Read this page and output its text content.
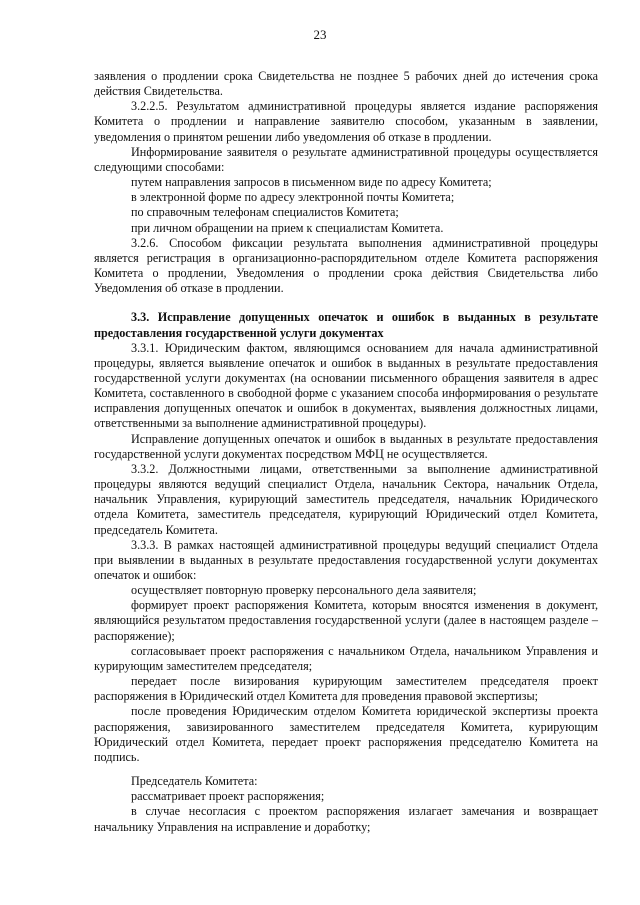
23

заявления о продлении срока Свидетельства не позднее 5 рабочих дней до истечения срока действия Свидетельства.

3.2.2.5. Результатом административной процедуры является издание распоряжения Комитета о продлении и направление заявителю способом, указанным в заявлении, уведомления о принятом решении либо уведомления об отказе в продлении.

Информирование заявителя о результате административной процедуры осуществляется следующими способами:

путем направления запросов в письменном виде по адресу Комитета;

в электронной форме по адресу электронной почты Комитета;

по справочным телефонам специалистов Комитета;

при личном обращении на прием к специалистам Комитета.

3.2.6. Способом фиксации результата выполнения административной процедуры является регистрация в организационно-распорядительном отделе Комитета распоряжения Комитета о продлении, Уведомления о продлении срока действия Свидетельства либо Уведомления об отказе в продлении.

3.3. Исправление допущенных опечаток и ошибок в выданных в результате предоставления государственной услуги документах

3.3.1. Юридическим фактом, являющимся основанием для начала административной процедуры, является выявление опечаток и ошибок в выданных в результате предоставления государственной услуги документах (на основании письменного обращения заявителя в адрес Комитета, составленного в свободной форме с указанием способа информирования о результате исправления допущенных опечаток и ошибок в документах, выявления должностных лицами, ответственными за выполнение административной процедуры).

Исправление допущенных опечаток и ошибок в выданных в результате предоставления государственной услуги документах посредством МФЦ не осуществляется.

3.3.2. Должностными лицами, ответственными за выполнение административной процедуры являются ведущий специалист Отдела, начальник Сектора, начальник Отдела, начальник Управления, курирующий заместитель председателя, начальник Юридического отдела Комитета, заместитель председателя, курирующий Юридический отдел Комитета, председатель Комитета.

3.3.3. В рамках настоящей административной процедуры ведущий специалист Отдела при выявлении в выданных в результате предоставления государственной услуги документах опечаток и ошибок:

осуществляет повторную проверку персонального дела заявителя;

формирует проект распоряжения Комитета, которым вносятся изменения в документ, являющийся результатом предоставления государственной услуги (далее в настоящем разделе – распоряжение);

согласовывает проект распоряжения с начальником Отдела, начальником Управления и курирующим заместителем председателя;

передает после визирования курирующим заместителем председателя проект распоряжения в Юридический отдел Комитета для проведения правовой экспертизы;

после проведения Юридическим отделом Комитета юридической экспертизы проекта распоряжения, завизированного заместителем председателя Комитета, курирующим Юридический отдел Комитета, передает проект распоряжения председателю Комитета на подпись.

Председатель Комитета:

рассматривает проект распоряжения;

в случае несогласия с проектом распоряжения излагает замечания и возвращает начальнику Управления на исправление и доработку;
